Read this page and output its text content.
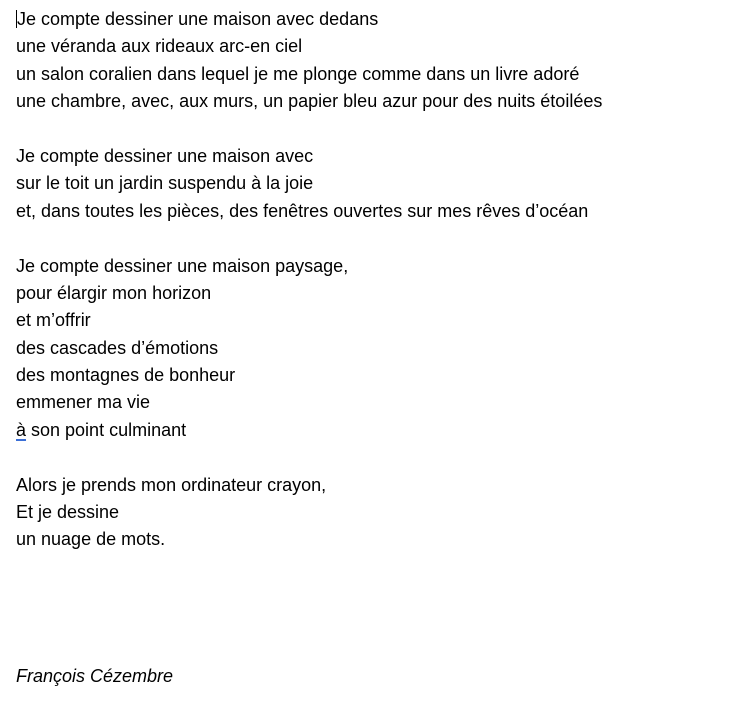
Je compte dessiner une maison avec dedans
une véranda aux rideaux arc-en ciel
un salon coralien dans lequel je me plonge comme dans un livre adoré
une chambre, avec, aux murs, un papier bleu azur pour des nuits étoilées
Je compte dessiner une maison avec
sur le toit un jardin suspendu à la joie
et, dans toutes les pièces, des fenêtres ouvertes sur mes rêves d’océan
Je compte dessiner une maison paysage,
pour élargir mon horizon
et m’offrir
des cascades d’émotions
des montagnes de bonheur
emmener ma vie
à son point culminant
Alors je prends mon ordinateur crayon,
Et je dessine
un nuage de mots.
François Cézembre
